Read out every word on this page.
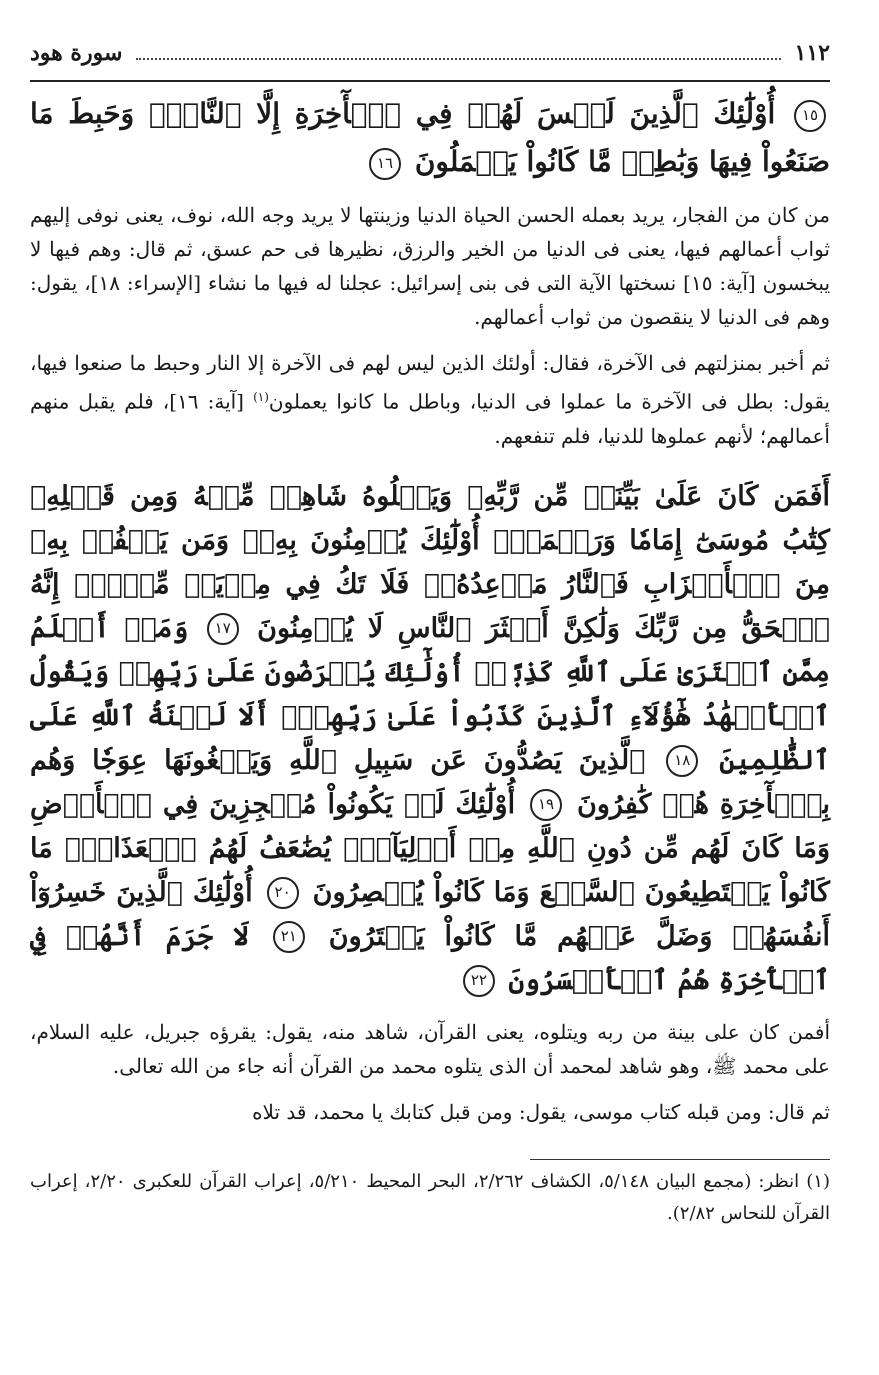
١١٢
سورة هود
١٥ أُوْلَٰٓئِكَ ٱلَّذِينَ لَيۡسَ لَهُمۡ فِي ٱلۡأٓخِرَةِ إِلَّا ٱلنَّارُۖ وَحَبِطَ مَا صَنَعُواْ فِيهَا وَبَٰطِلٞ مَّا كَانُواْ يَعۡمَلُونَ ١٦
من كان من الفجار، يريد بعمله الحسن الحياة الدنيا وزينتها لا يريد وجه الله، نوف، يعنى نوفى إليهم ثواب أعمالهم فيها، يعنى فى الدنيا من الخير والرزق، نظيرها فى حم عسق، ثم قال: وهم فيها لا يبخسون [آية: ١٥] نسختها الآية التى فى بنى إسرائيل: عجلنا له فيها ما نشاء [الإسراء: ١٨]، يقول: وهم فى الدنيا لا ينقصون من ثواب أعمالهم.
ثم أخبر بمنزلتهم فى الآخرة، فقال: أولئك الذين ليس لهم فى الآخرة إلا النار وحبط ما صنعوا فيها، يقول: بطل فى الآخرة ما عملوا فى الدنيا، وباطل ما كانوا يعملون$^{(١)}$ [آية: ١٦]، فلم يقبل منهم أعمالهم؛ لأنهم عملوها للدنيا، فلم تنفعهم.
أَفَمَن كَانَ عَلَىٰ بَيِّنَةٖ مِّن رَّبِّهِۦ وَيَتۡلُوهُ شَاهِدٞ مِّنۡهُ وَمِن قَبۡلِهِۦ كِتَٰبُ مُوسَىٰٓ إِمَامٗا وَرَحۡمَةًۚ أُوْلَٰٓئِكَ يُؤۡمِنُونَ بِهِۦۚ وَمَن يَكۡفُرۡ بِهِۦ مِنَ ٱلۡأَحۡزَابِ فَٱلنَّارُ مَوۡعِدُهُۥۚ فَلَا تَكُ فِي مِرۡيَةٖ مِّنۡهُۚ إِنَّهُ ٱلۡحَقُّ مِن رَّبِّكَ وَلَٰكِنَّ أَكۡثَرَ ٱلنَّاسِ لَا يُؤۡمِنُونَ ١٧ وَمَنۡ أَظۡلَمُ مِمَّنِ ٱفۡتَرَىٰ عَلَى ٱللَّهِ كَذِبًاۚ أُوْلَٰٓئِكَ يُعۡرَضُونَ عَلَىٰ رَبِّهِمۡ وَيَقُولُ ٱلۡأَشۡهَٰدُ هَٰٓؤُلَآءِ ٱلَّذِينَ كَذَبُواْ عَلَىٰ رَبِّهِمۡۚ أَلَا لَعۡنَةُ ٱللَّهِ عَلَى ٱلظَّٰلِمِينَ ١٨ ٱلَّذِينَ يَصُدُّونَ عَن سَبِيلِ ٱللَّهِ وَيَبۡغُونَهَا عِوَجٗا وَهُم بِٱلۡأٓخِرَةِ هُمۡ كَٰفِرُونَ ١٩ أُوْلَٰٓئِكَ لَمۡ يَكُونُواْ مُعۡجِزِينَ فِي ٱلۡأَرۡضِ وَمَا كَانَ لَهُم مِّن دُونِ ٱللَّهِ مِنۡ أَوۡلِيَآءَۘ يُضَٰعَفُ لَهُمُ ٱلۡعَذَابُۚ مَا كَانُواْ يَسۡتَطِيعُونَ ٱلسَّمۡعَ وَمَا كَانُواْ يُبۡصِرُونَ ٢٠ أُوْلَٰٓئِكَ ٱلَّذِينَ خَسِرُوٓاْ أَنفُسَهُمۡ وَضَلَّ عَنۡهُم مَّا كَانُواْ يَفۡتَرُونَ ٢١ لَا جَرَمَ أَنَّهُمۡ فِي ٱلۡأٓخِرَةِ هُمُ ٱلۡأَخۡسَرُونَ ٢٢
أفمن كان على بينة من ربه ويتلوه، يعنى القرآن، شاهد منه، يقول: يقرؤه جبريل، عليه السلام، على محمد ﷺ، وهو شاهد لمحمد أن الذى يتلوه محمد من القرآن أنه جاء من الله تعالى.
ثم قال: ومن قبله كتاب موسى، يقول: ومن قبل كتابك يا محمد، قد تلاه
(١) انظر: (مجمع البيان ٥/١٤٨، الكشاف ٢/٢٦٢، البحر المحيط ٥/٢١٠، إعراب القرآن للعكبرى ٢/٢٠، إعراب القرآن للنحاس ٢/٨٢).
